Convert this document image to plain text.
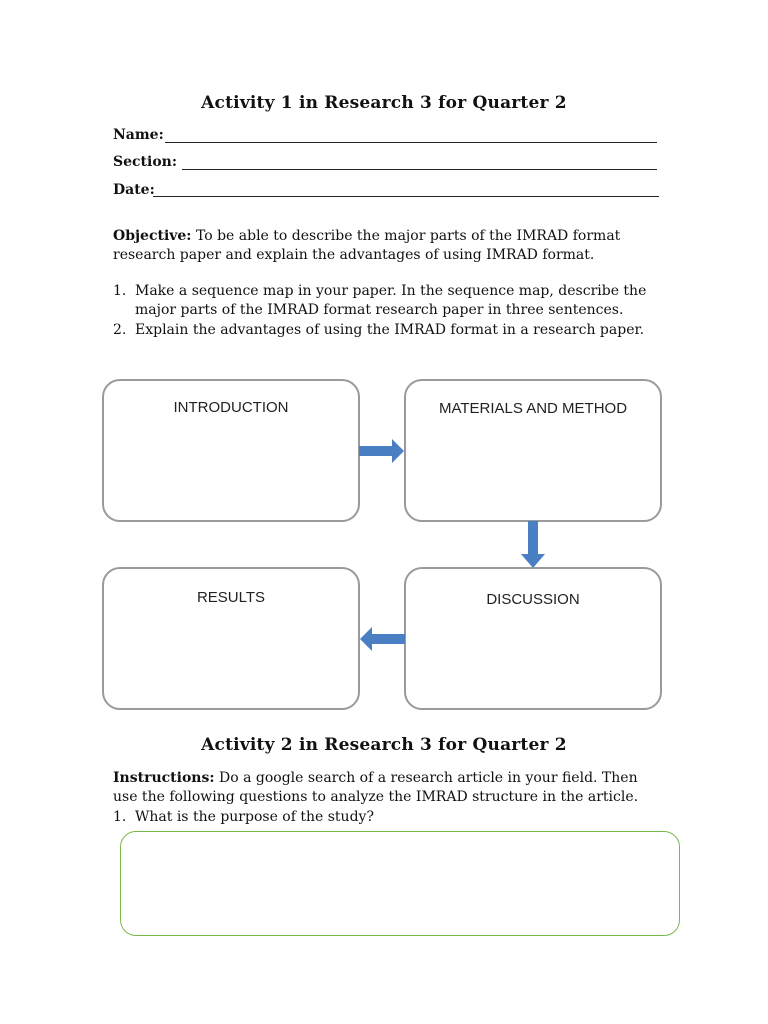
Activity 1 in Research 3 for Quarter 2
Name:
Section:
Date:
Objective: To be able to describe the major parts of the IMRAD format research paper and explain the advantages of using IMRAD format.
1. Make a sequence map in your paper. In the sequence map, describe the
major parts of the IMRAD format research paper in three sentences.
2. Explain the advantages of using the IMRAD format in a research paper.
INTRODUCTION	MATERIALS AND METHOD
DISCUSSION
RESULTS
Activity 2 in Research 3 for Quarter 2
Instructions: Do a google search of a research article in your field. Then
use the following questions to analyze the IMRAD structure in the article.
1. What is the purpose of the study?
